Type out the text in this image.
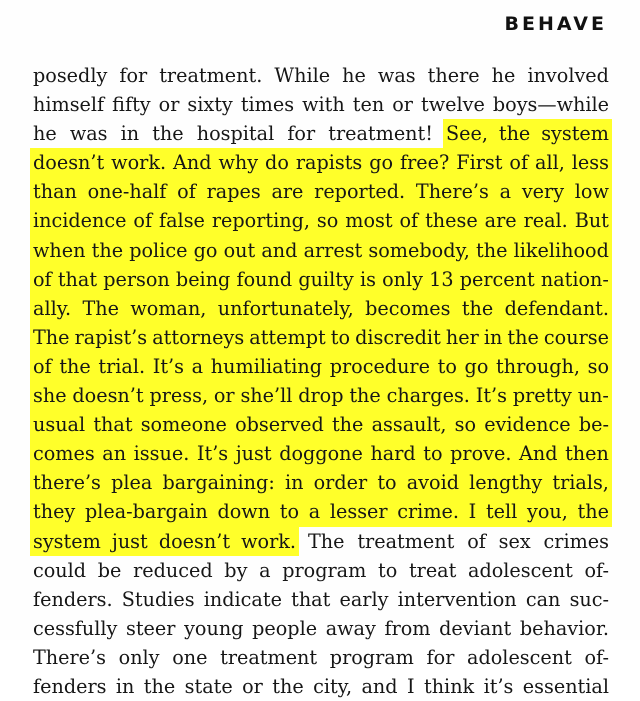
BEHAVE
posedly for treatment. While he was there he involved
himself fifty or sixty times with ten or twelve boys—while
he was in the hospital for treatment! See, the system
doesn’t work. And why do rapists go free? First of all, less
than one-half of rapes are reported. There’s a very low
incidence of false reporting, so most of these are real. But
when the police go out and arrest somebody, the likelihood
of that person being found guilty is only 13 percent nation-
ally. The woman, unfortunately, becomes the defendant.
The rapist’s attorneys attempt to discredit her in the course
of the trial. It’s a humiliating procedure to go through, so
she doesn’t press, or she’ll drop the charges. It’s pretty un-
usual that someone observed the assault, so evidence be-
comes an issue. It’s just doggone hard to prove. And then
there’s plea bargaining: in order to avoid lengthy trials,
they plea-bargain down to a lesser crime. I tell you, the
system just doesn’t work. The treatment of sex crimes
could be reduced by a program to treat adolescent of-
fenders. Studies indicate that early intervention can suc-
cessfully steer young people away from deviant behavior.
There’s only one treatment program for adolescent of-
fenders in the state or the city, and I think it’s essential
